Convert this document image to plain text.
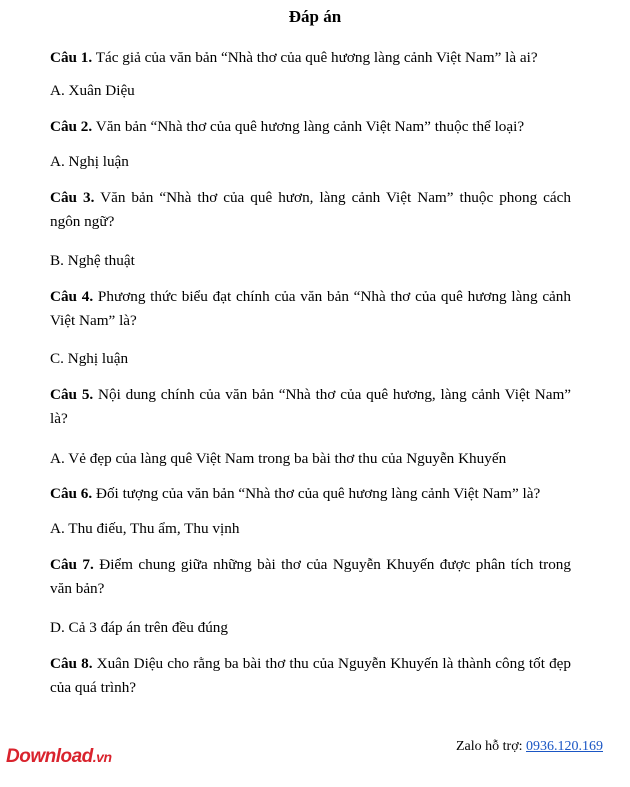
Đáp án
Câu 1. Tác giả của văn bản “Nhà thơ của quê hương làng cảnh Việt Nam” là ai?
A. Xuân Diệu
Câu 2. Văn bản “Nhà thơ của quê hương làng cảnh Việt Nam” thuộc thể loại?
A. Nghị luận
Câu 3. Văn bản “Nhà thơ của quê hươn, làng cảnh Việt Nam” thuộc phong cách ngôn ngữ?
B. Nghệ thuật
Câu 4. Phương thức biểu đạt chính của văn bản “Nhà thơ của quê hương làng cảnh Việt Nam” là?
C. Nghị luận
Câu 5. Nội dung chính của văn bản “Nhà thơ của quê hương, làng cảnh Việt Nam” là?
A. Vẻ đẹp của làng quê Việt Nam trong ba bài thơ thu của Nguyễn Khuyến
Câu 6. Đối tượng của văn bản “Nhà thơ của quê hương làng cảnh Việt Nam” là?
A. Thu điếu, Thu ẩm, Thu vịnh
Câu 7. Điểm chung giữa những bài thơ của Nguyễn Khuyến được phân tích trong văn bản?
D. Cả 3 đáp án trên đều đúng
Câu 8. Xuân Diệu cho rằng ba bài thơ thu của Nguyễn Khuyến là thành công tốt đẹp của quá trình?
Download.vn
Zalo hỗ trợ: 0936.120.169
